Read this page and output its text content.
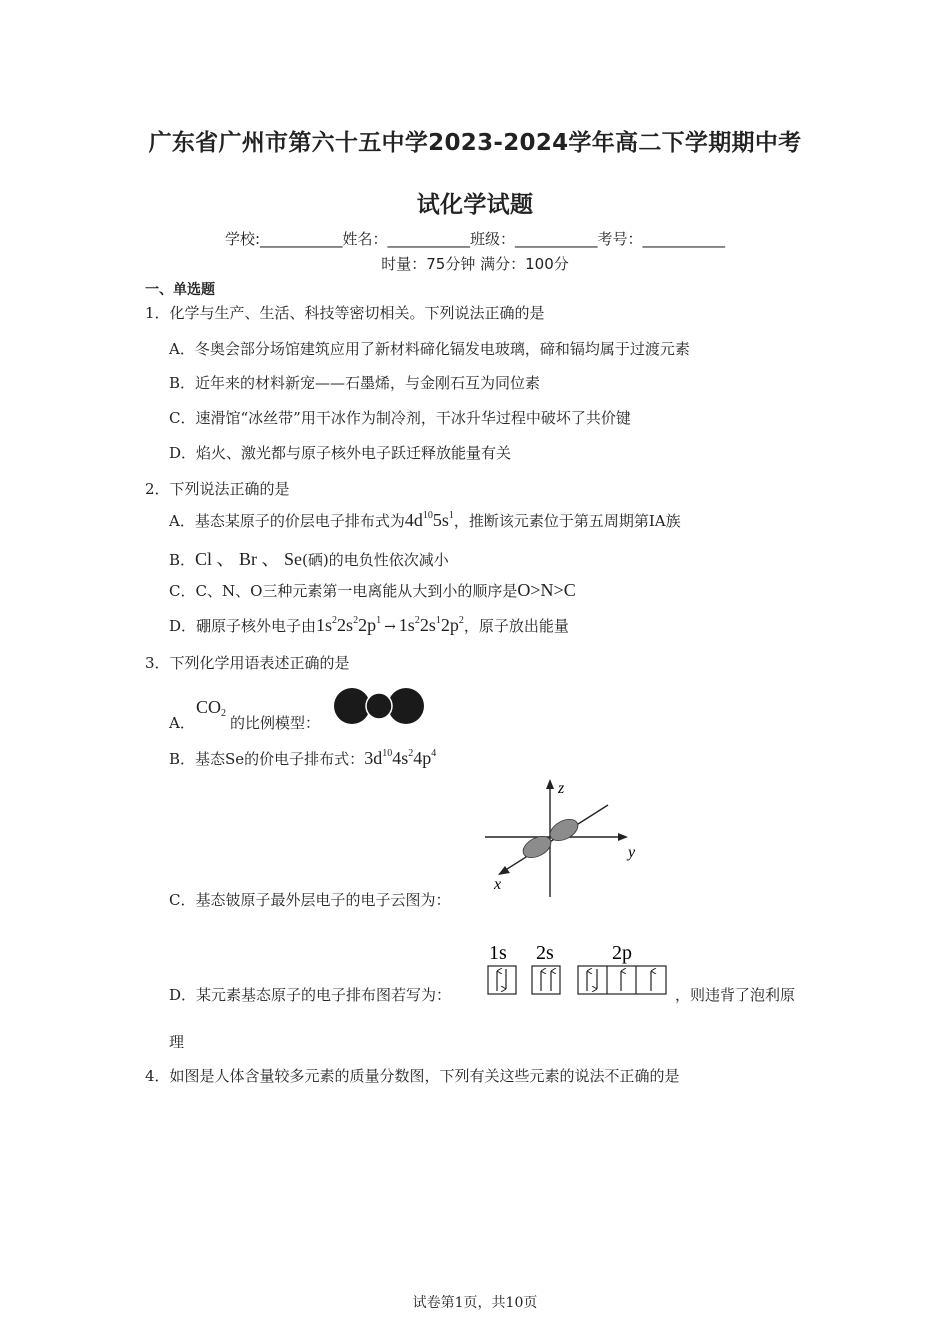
广东省广州市第六十五中学2023-2024学年高二下学期期中考
试化学试题
学校:___________姓名：___________班级：___________考号：___________
时量：75分钟 满分：100分
一、单选题
1．化学与生产、生活、科技等密切相关。下列说法正确的是
A．冬奥会部分场馆建筑应用了新材料碲化镉发电玻璃，碲和镉均属于过渡元素
B．近年来的材料新宠——石墨烯，与金刚石互为同位素
C．速滑馆“冰丝带”用干冰作为制冷剂，干冰升华过程中破坏了共价键
D．焰火、激光都与原子核外电子跃迁释放能量有关
2．下列说法正确的是
A．基态某原子的价层电子排布式为$4d^{10}5s^1$，推断该元素位于第五周期第IA族
B．Cl 、 Br 、 Se(硒)的电负性依次减小
C．C、N、O三种元素第一电离能从大到小的顺序是O>N>C
D．硼原子核外电子由$1s^22s^22p^1 \to 1s^22s^12p^2$，原子放出能量
3．下列化学用语表述正确的是
A．
$CO_2$
的比例模型：
B．基态Se的价电子排布式：$3d^{10}4s^24p^4$
z
y
x
C．基态铍原子最外层电子的电子云图为：
D．某元素基态原子的电子排布图若写为：
1s 2s	2p
，则违背了泡利原
理
4．如图是人体含量较多元素的质量分数图，下列有关这些元素的说法不正确的是
试卷第1页，共10页
